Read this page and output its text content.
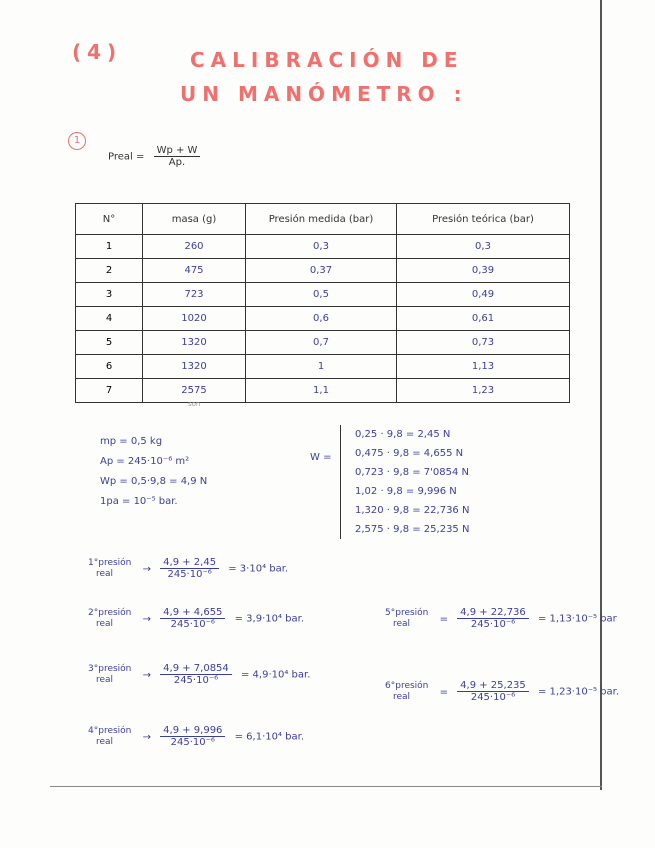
(4)	CALIBRACIÓN DE
UN MANÓMETRO :
1
Preal = $\frac{Wp + W}{Ap.}$
N°	masa (g)	Presión medida (bar)	Presión teórica (bar)
1	260	0,3	0,3
2	475	0,37	0,39
3	723	0,5	0,49
4	1020	0,6	0,61
5	1320	0,7	0,73
6	1320	1	1,13
7	2575	1,1	1,23
son
mp = 0,5 kg
Ap = 245·10⁻⁶ m²
Wp = 0,5·9,8 = 4,9 N
1pa = 10⁻⁵ bar.
W =
0,25 · 9,8 = 2,45 N
0,475 · 9,8 = 4,655 N
0,723 · 9,8 = 7'0854 N
1,02 · 9,8 = 9,996 N
1,320 · 9,8 = 22,736 N
2,575 · 9,8 = 25,235 N
1°presión
real	→ $\frac{4,9 + 2,45}{\text{245·10⁻⁶}} = 3\cdot 10^4$ bar.
2°presión
real	→ $\frac{4,9 + 4,655}{\text{245·10⁻⁶}} = 3,9\cdot 10^4$ bar.
3°presión
real	→ $\frac{4,9 + 7,0854}{\text{245·10⁻⁶}} = 4,9\cdot 10^4$ bar.
4°presión
real	→ $\frac{4,9 + 9,996}{\text{245·10⁻⁶}} = 6,1\cdot 10^4$ bar.
5°presión
real	= $\frac{4,9 + 22,736}{\text{245·10⁻⁶}} = 1,13\cdot 10^{-5}$ bar
6°presión
real	= $\frac{4,9 + 25,235}{\text{245·10⁻⁶}} = 1,23\cdot 10^{-5}$ bar.
